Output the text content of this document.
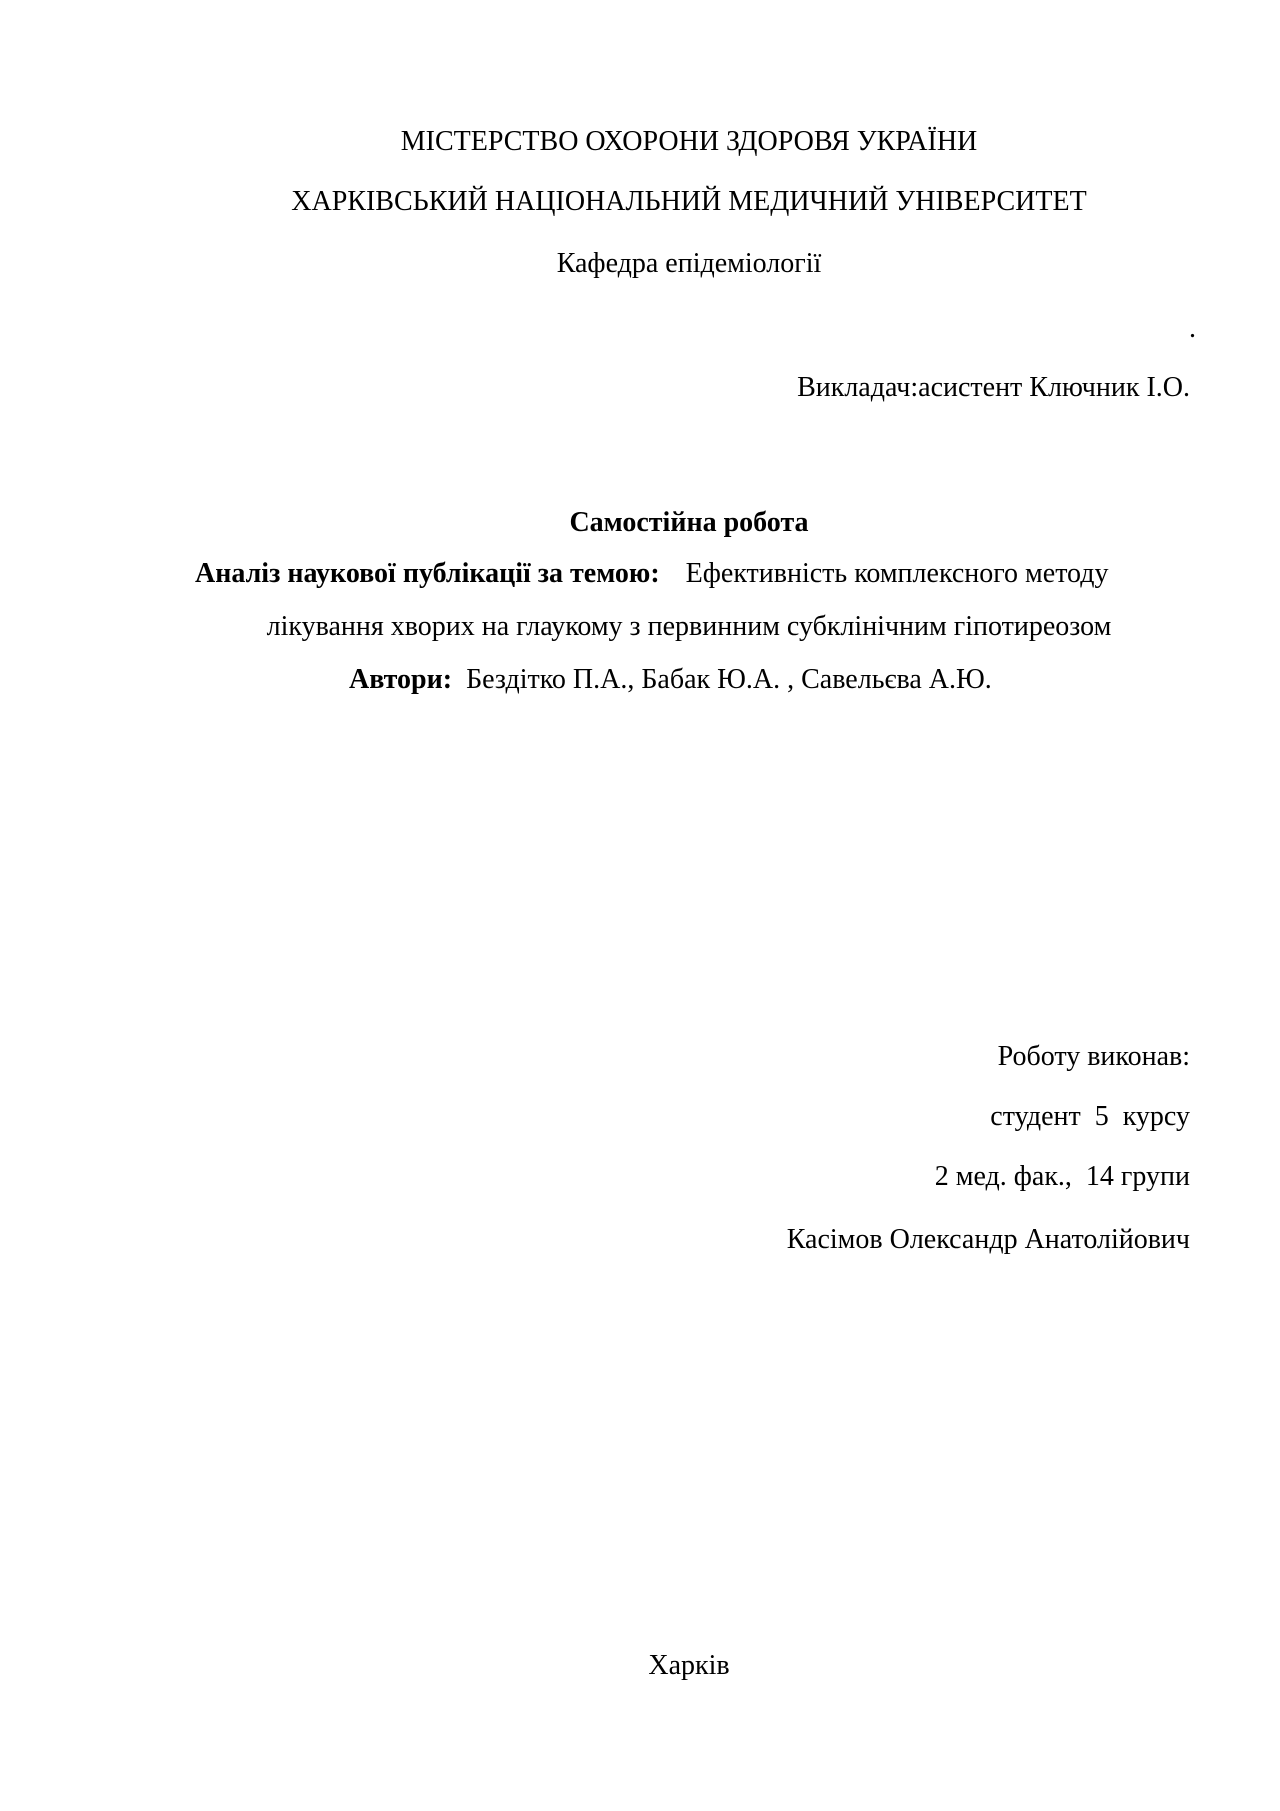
МІСТЕРСТВО ОХОРОНИ ЗДОРОВЯ УКРАЇНИ
ХАРКІВСЬКИЙ НАЦІОНАЛЬНИЙ МЕДИЧНИЙ УНІВЕРСИТЕТ
Кафедра епідеміології
.
Викладач:асистент Ключник І.О.
Самостійна робота
Аналіз наукової публікації за темою: Ефективність комплексного методу
лікування хворих на глаукому з первинним субклінічним гіпотиреозом
Автори: Бездітко П.А., Бабак Ю.А. , Савельєва А.Ю.
Роботу виконав:
студент  5  курсу
2 мед. фак.,  14 групи
Касімов Олександр Анатолійович
Харків
